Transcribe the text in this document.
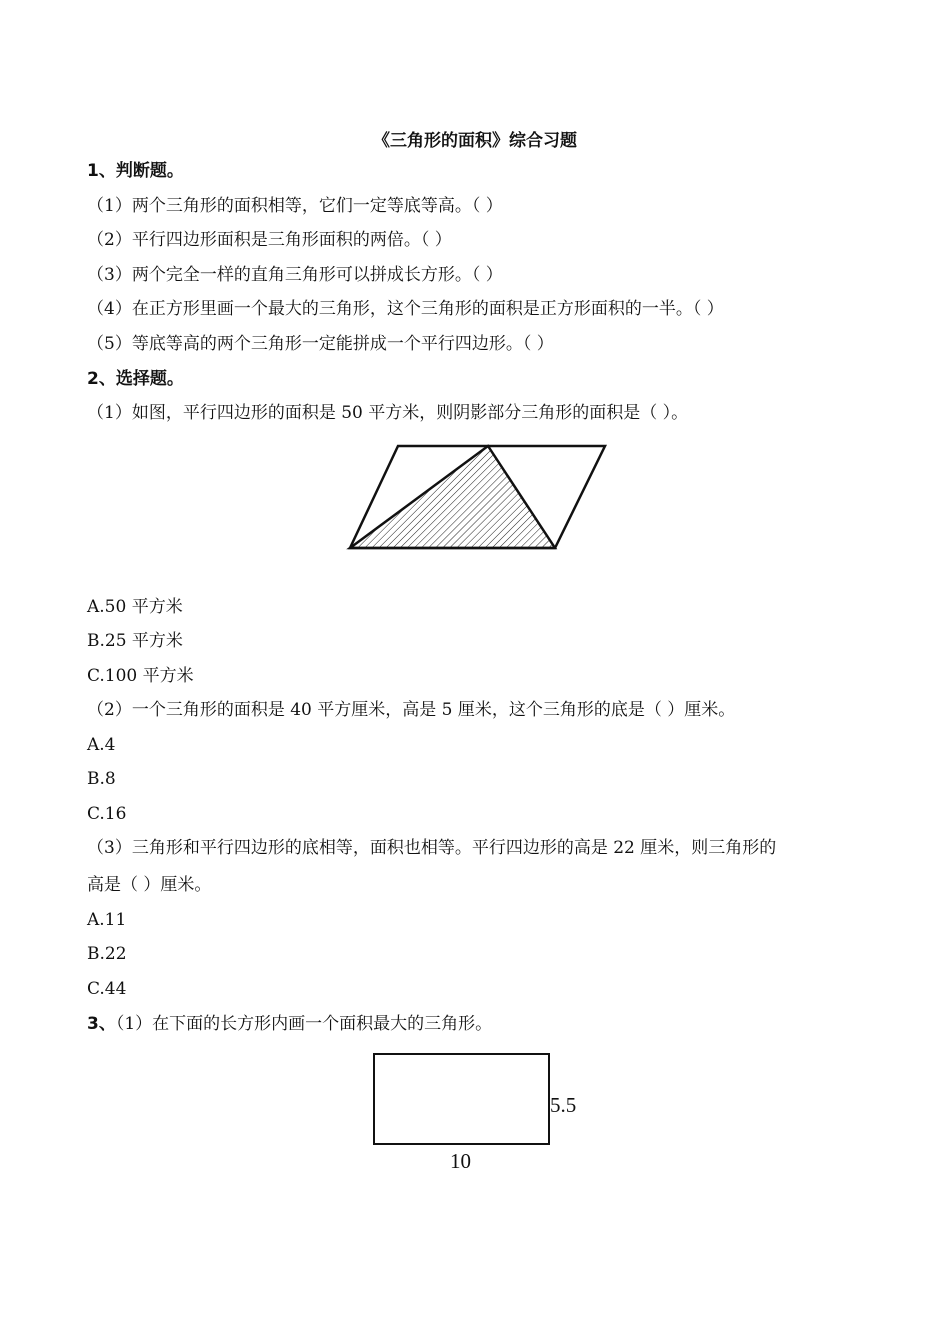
《三角形的面积》综合习题
1、判断题。
（1）两个三角形的面积相等，它们一定等底等高。（ ）
（2）平行四边形面积是三角形面积的两倍。（ ）
（3）两个完全一样的直角三角形可以拼成长方形。（ ）
（4）在正方形里画一个最大的三角形，这个三角形的面积是正方形面积的一半。（ ）
（5）等底等高的两个三角形一定能拼成一个平行四边形。（ ）
2、选择题。
（1）如图，平行四边形的面积是 50 平方米，则阴影部分三角形的面积是（ ）。
A.50 平方米
B.25 平方米
C.100 平方米
（2）一个三角形的面积是 40 平方厘米，高是 5 厘米，这个三角形的底是（ ）厘米。
A.4
B.8
C.16
（3）三角形和平行四边形的底相等，面积也相等。平行四边形的高是 22 厘米，则三角形的
高是（ ）厘米。
A.11
B.22
C.44
3、（1）在下面的长方形内画一个面积最大的三角形。
5.5
10
